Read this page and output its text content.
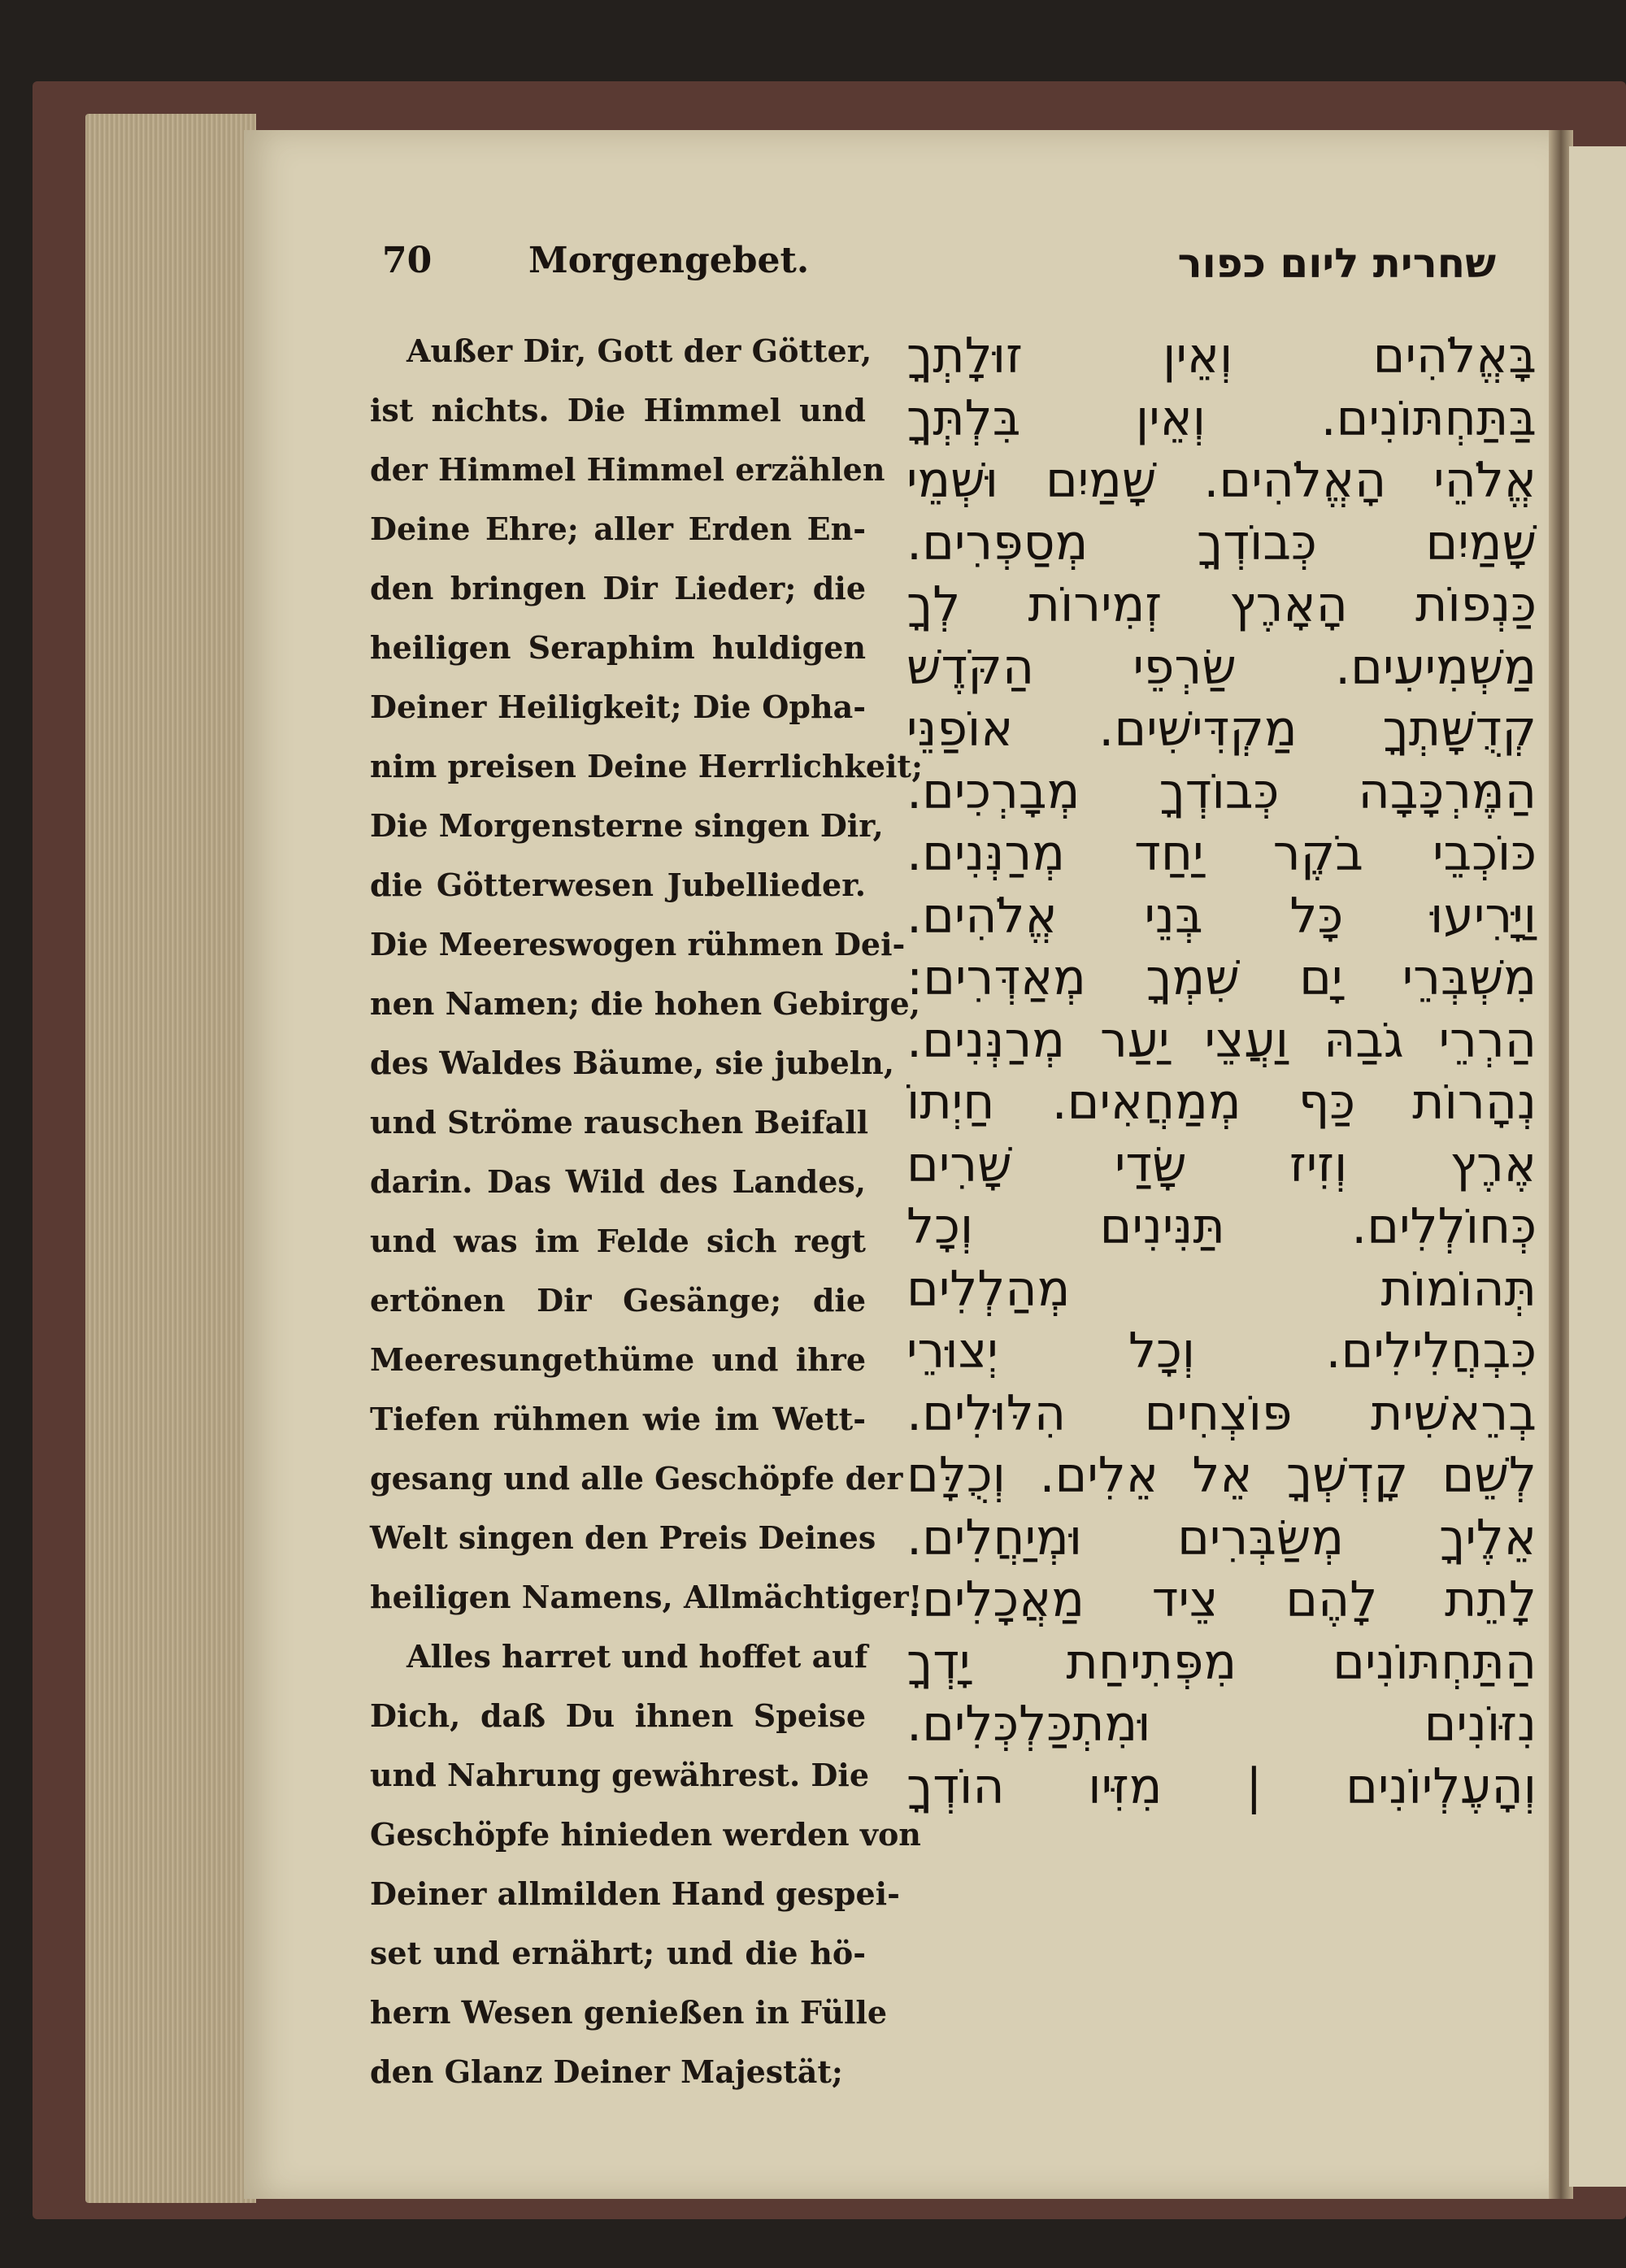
70	Morgengebet.	שחרית ליום כפור
Außer Dir, Gott der Götter,
ist nichts. Die Himmel und
der Himmel Himmel erzählen
Deine Ehre; aller Erden En-
den bringen Dir Lieder; die
heiligen Seraphim huldigen
Deiner Heiligkeit; Die Opha-
nim preisen Deine Herrlichkeit;
Die Morgensterne singen Dir,
die Götterwesen Jubellieder.
Die Meereswogen rühmen Dei-
nen Namen; die hohen Gebirge,
des Waldes Bäume, sie jubeln,
und Ströme rauschen Beifall
darin. Das Wild des Landes,
und was im Felde sich regt
ertönen Dir Gesänge; die
Meeresungethüme und ihre
Tiefen rühmen wie im Wett-
gesang und alle Geschöpfe der
Welt singen den Preis Deines
heiligen Namens, Allmächtiger!
Alles harret und hoffet auf
Dich, daß Du ihnen Speise
und Nahrung gewährest. Die
Geschöpfe hinieden werden von
Deiner allmilden Hand gespei-
set und ernährt; und die hö-
hern Wesen genießen in Fülle
den Glanz Deiner Majestät;
בָּאֱלֹהִים וְאֵין זוּלָתְךָ
בַּתַּחְתּוֹנִים. וְאֵין בִּלְתְּךָ
אֱלֹהֵי הָאֱלֹהִים. שָׁמַיִם וּשְׁמֵי
שָׁמַיִם כְּבוֹדְךָ מְסַפְּרִים.
כַּנְפוֹת הָאָרֶץ זְמִירוֹת לְךָ
מַשְׁמִיעִים. שַׂרְפֵי הַקֹּדֶשׁ
קְדֻשָּׁתְךָ מַקְדִּישִׁים. אוֹפַנֵּי
הַמֶּרְכָּבָה כְּבוֹדְךָ מְבָרְכִים.
כּוֹכְבֵי בֹקֶר יַחַד מְרַנְּנִים.
וַיָּרִיעוּ כָּל בְּנֵי אֱלֹהִים.
מִשְׁבְּרֵי יָם שִׁמְךָ מְאַדְּרִים:
הַרְרֵי גֹבַהּ וַעֲצֵי יַעַר מְרַנְּנִים.
נְהָרוֹת כַּף מְמַחֲאִים. חַיְתוֹ
אֶרֶץ וְזִיז שָׂדַי שָׁרִים
כְּחוֹלְלִים. תַּנִּינִים וְכָל
תְּהוֹמוֹת מְהַלְלִים
כִּבְחֲלִילִים. וְכָל יְצוּרֵי
בְרֵאשִׁית פּוֹצְחִים הִלּוּלִים.
לְשֵׁם קָדְשְׁךָ אֵל אֵלִים. וְכֻלָּם
אֵלֶיךָ מְשַׂבְּרִים וּמְיַחֲלִים.
לָתֵת לָהֶם צֵיד מַאֲכָלִים.
הַתַּחְתּוֹנִים מִפְּתִיחַת יָדְךָ
נִזּוֹנִים וּמִתְכַּלְכְּלִים.
וְהָעֶלְיוֹנִים | מִזִּיו הוֹדְךָ
